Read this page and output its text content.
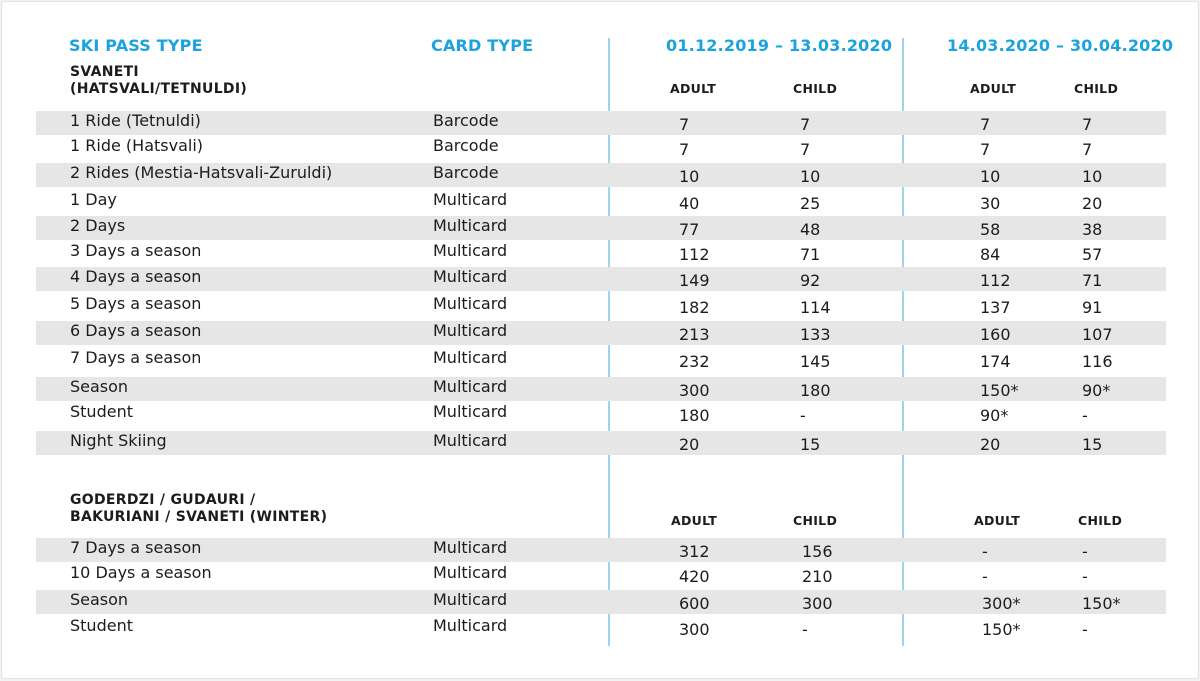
SKI PASS TYPE	CARD TYPE	01.12.2019 – 13.03.2020	14.03.2020 – 30.04.2020
SVANETI
(HATSVALI/TETNULDI)	ADULT	CHILD	ADULT	CHILD
1 Ride (Tetnuldi)	Barcode	7	7	7	7
1 Ride (Hatsvali)	Barcode	7	7	7	7
2 Rides (Mestia-Hatsvali-Zuruldi)	Barcode	10	10	10	10
1 Day	Multicard	40	25	30	20
2 Days	Multicard	77	48	58	38
3 Days a season	Multicard	112	71	84	57
4 Days a season	Multicard	149	92	112	71
5 Days a season	Multicard	182	114	137	91
6 Days a season	Multicard	213	133	160	107
7 Days a season	Multicard	232	145	174	116
Season	Multicard	300	180	150*	90*
Student	Multicard	180	-	90*	-
Night Skiing	Multicard	20	15	20	15
GODERDZI / GUDAURI /
BAKURIANI / SVANETI (WINTER)	ADULT	CHILD	ADULT	CHILD
7 Days a season	Multicard	312	156	-	-
10 Days a season	Multicard	420	210	-	-
Season	Multicard	600	300	300*	150*
Student	Multicard	300	-	150*	-
